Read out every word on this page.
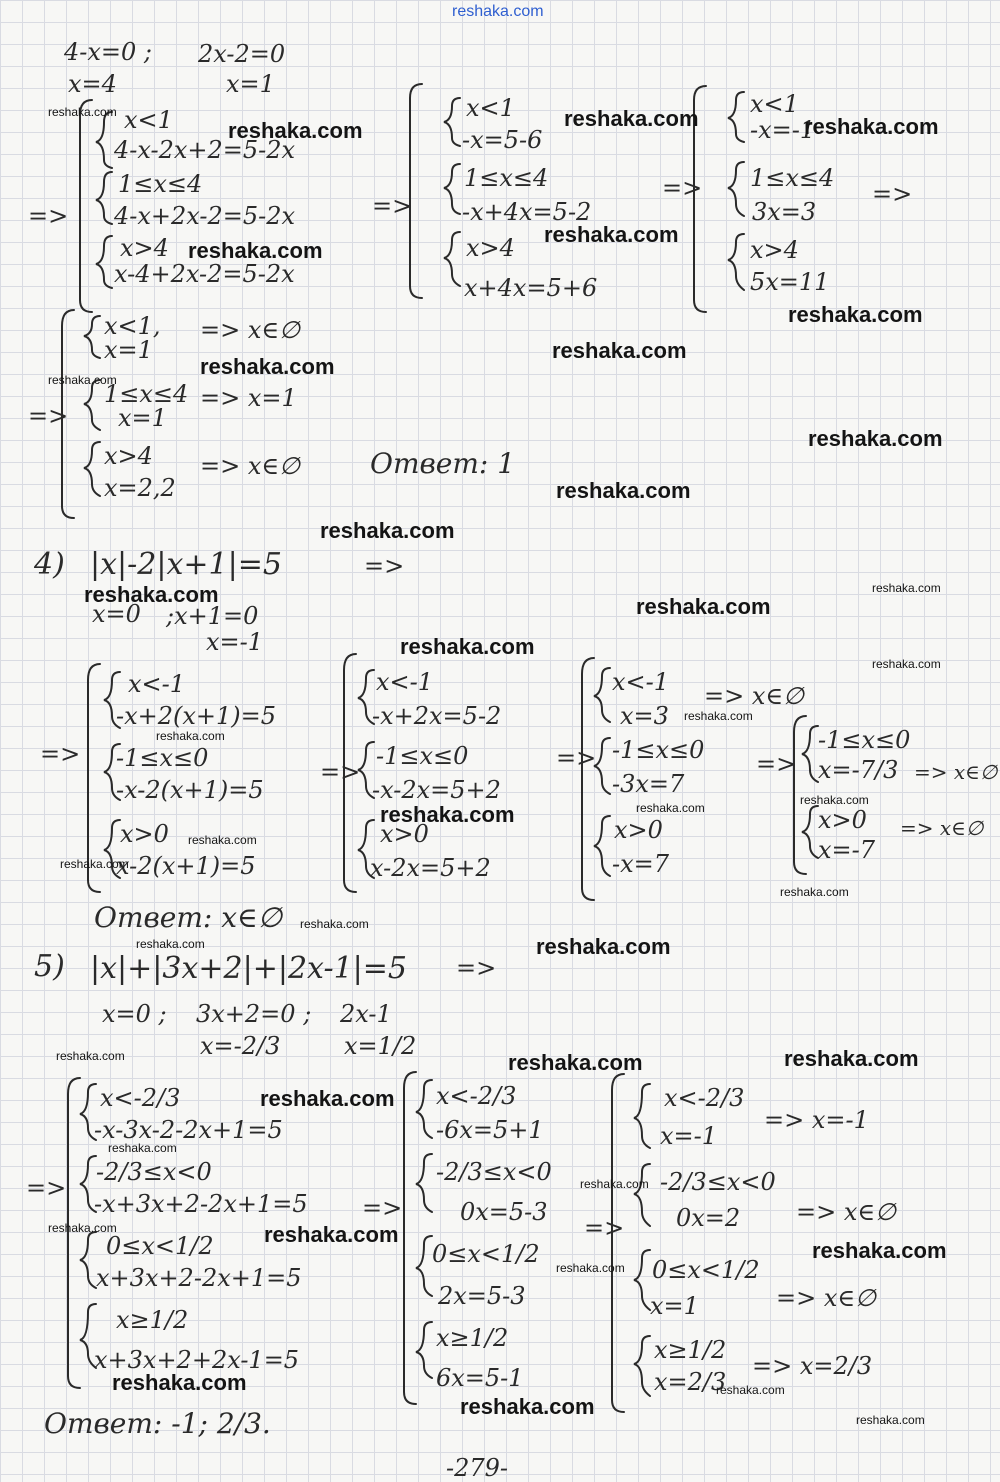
4-x=0 ;
x=4
2x-2=0
x=1
=>
x<1
4-x-2x+2=5-2x
1≤x≤4
4-x+2x-2=5-2x
x>4
x-4+2x-2=5-2x
=>
x<1
-x=5-6
1≤x≤4
-x+4x=5-2
x>4
x+4x=5+6
=>
x<1
-x=-1
1≤x≤4
3x=3
x>4
5x=11
=>
=>
x<1,
x=1
1≤x≤4
x=1
x>4
x=2,2
=> x∈∅
=> x=1
=> x∈∅ Ответ: 1
4) |x|-2|x+1|=5	=>
x=0 ;x+1=0
x=-1
=>
x<-1
-x+2(x+1)=5
-1≤x≤0
-x-2(x+1)=5
x>0
x-2(x+1)=5
=>
x<-1
-x+2x=5-2
-1≤x≤0
-x-2x=5+2
x>0
x-2x=5+2
=>
x<-1
x=3
-1≤x≤0
-3x=7
x>0
-x=7
=> x∈∅
=>
-1≤x≤0
x=-7/3
x>0
x=-7
=> x∈∅
=> x∈∅
Ответ: x∈∅
5) |x|+|3x+2|+|2x-1|=5 =>
x=0 ; 3x+2=0 ; 2x-1
x=-2/3	x=1/2
=>
x<-2/3
-x-3x-2-2x+1=5
-2/3≤x<0
-x+3x+2-2x+1=5
0≤x<1/2
x+3x+2-2x+1=5
x≥1/2
x+3x+2+2x-1=5
=>
x<-2/3
-6x=5+1
-2/3≤x<0
0x=5-3
0≤x<1/2
2x=5-3
x≥1/2
6x=5-1
=>
x<-2/3
x=-1
-2/3≤x<0
0x=2
0≤x<1/2
x=1
x≥1/2
x=2/3
=> x=-1
=> x∈∅
=> x∈∅
=> x=2/3
Ответ: -1; 2/3.
-279-
reshaka.com
reshaka.com
reshaka.com	reshaka.com	reshaka.com
reshaka.com
reshaka.com
reshaka.com
reshaka.com
reshaka.com
reshaka.com
reshaka.com
reshaka.com
reshaka.com
reshaka.com
reshaka.com	reshaka.com
reshaka.com
reshaka.com
reshaka.com
reshaka.com
reshaka.com
reshaka.com
reshaka.com
reshaka.com
reshaka.com
reshaka.com
reshaka.com
reshaka.com	reshaka.com
reshaka.com	reshaka.com	reshaka.com
reshaka.com
reshaka.com
reshaka.com
reshaka.com	reshaka.com
reshaka.com
reshaka.com
reshaka.com	reshaka.com
reshaka.com
reshaka.com
